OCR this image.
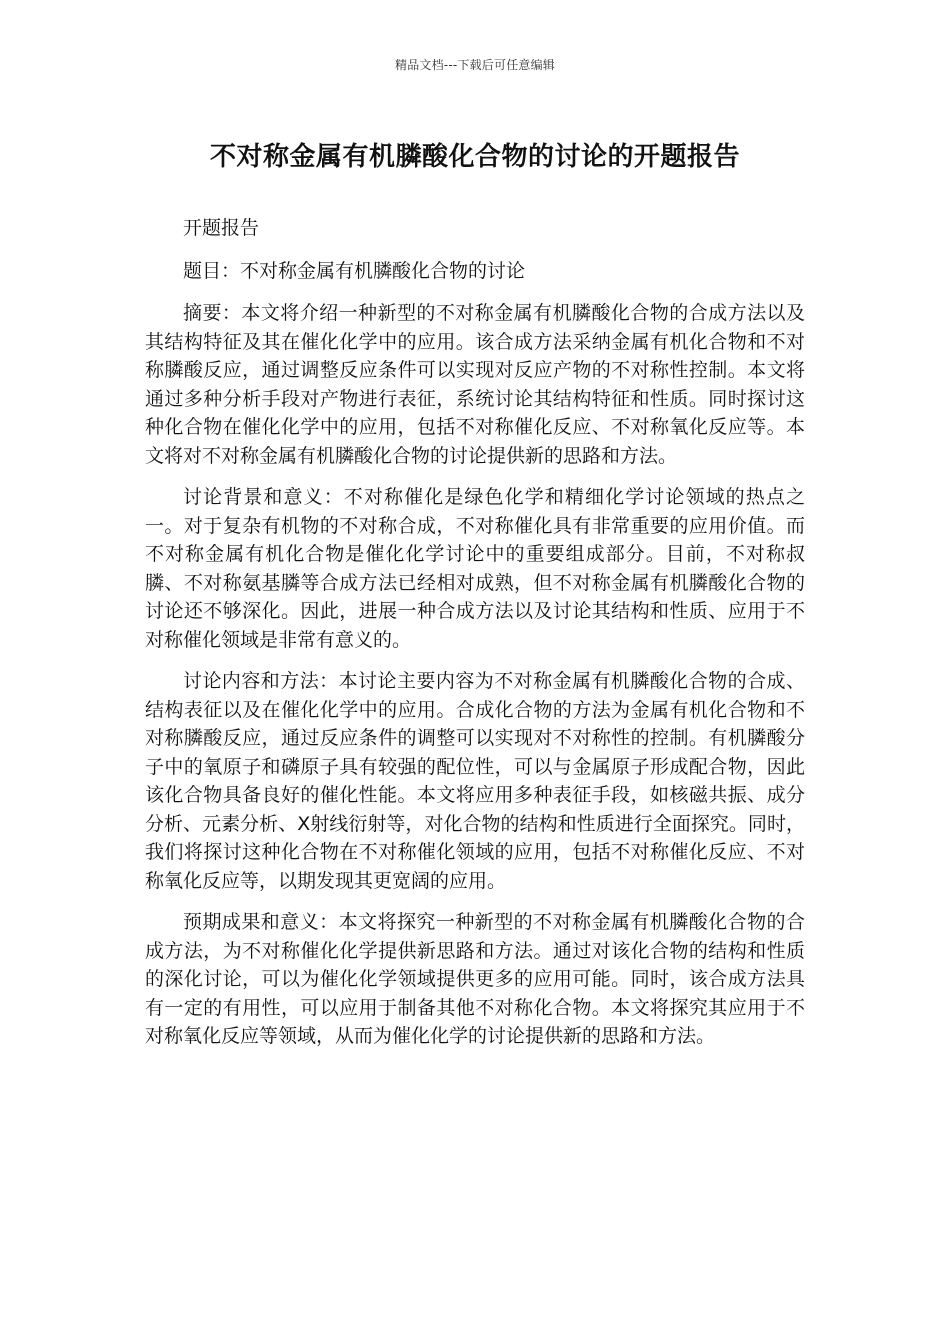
精品文档---下载后可任意编辑
不对称金属有机膦酸化合物的讨论的开题报告

开题报告

题目：不对称金属有机膦酸化合物的讨论

摘要：本文将介绍一种新型的不对称金属有机膦酸化合物的合成方法以及其结构特征及其在催化化学中的应用。该合成方法采纳金属有机化合物和不对称膦酸反应，通过调整反应条件可以实现对反应产物的不对称性控制。本文将通过多种分析手段对产物进行表征，系统讨论其结构特征和性质。同时探讨这种化合物在催化化学中的应用，包括不对称催化反应、不对称氧化反应等。本文将对不对称金属有机膦酸化合物的讨论提供新的思路和方法。

讨论背景和意义：不对称催化是绿色化学和精细化学讨论领域的热点之一。对于复杂有机物的不对称合成，不对称催化具有非常重要的应用价值。而不对称金属有机化合物是催化化学讨论中的重要组成部分。目前，不对称叔膦、不对称氨基膦等合成方法已经相对成熟，但不对称金属有机膦酸化合物的讨论还不够深化。因此，进展一种合成方法以及讨论其结构和性质、应用于不对称催化领域是非常有意义的。

讨论内容和方法：本讨论主要内容为不对称金属有机膦酸化合物的合成、结构表征以及在催化化学中的应用。合成化合物的方法为金属有机化合物和不对称膦酸反应，通过反应条件的调整可以实现对不对称性的控制。有机膦酸分子中的氧原子和磷原子具有较强的配位性，可以与金属原子形成配合物，因此该化合物具备良好的催化性能。本文将应用多种表征手段，如核磁共振、成分分析、元素分析、X射线衍射等，对化合物的结构和性质进行全面探究。同时，我们将探讨这种化合物在不对称催化领域的应用，包括不对称催化反应、不对称氧化反应等，以期发现其更宽阔的应用。

预期成果和意义：本文将探究一种新型的不对称金属有机膦酸化合物的合成方法，为不对称催化化学提供新思路和方法。通过对该化合物的结构和性质的深化讨论，可以为催化化学领域提供更多的应用可能。同时，该合成方法具有一定的有用性，可以应用于制备其他不对称化合物。本文将探究其应用于不对称氧化反应等领域，从而为催化化学的讨论提供新的思路和方法。
